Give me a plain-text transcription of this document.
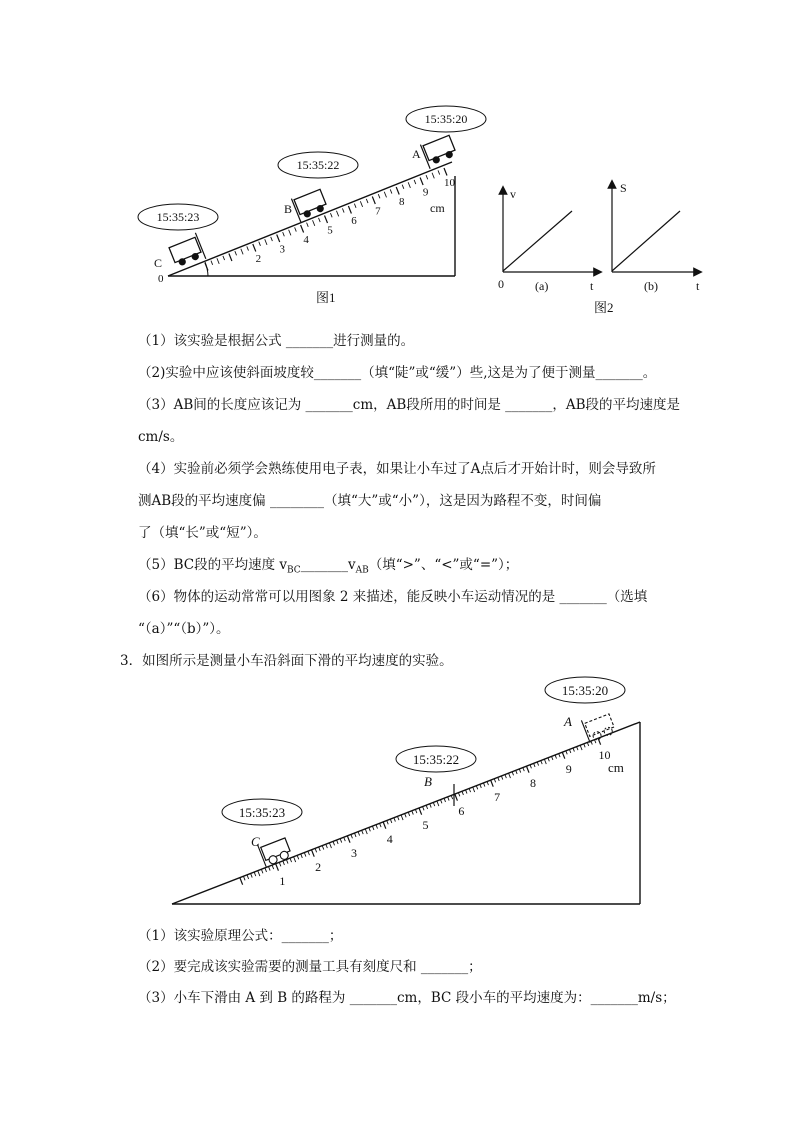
2
3
4
5
6
7
8
9
10
15:35:23
15:35:22
15:35:20
C
B
A
0
cm
图1
v
t
0	(a)
S
t
(b)
图2
（1）该实验是根据公式 _______进行测量的。
（2)实验中应该使斜面坡度较_______（填“陡”或“缓”）些,这是为了便于测量_______。
（3）AB间的长度应该记为 _______cm，AB段所用的时间是 _______，AB段的平均速度是
cm/s。
（4）实验前必须学会熟练使用电子表，如果让小车过了A点后才开始计时，则会导致所
测AB段的平均速度偏 ________（填“大”或“小”），这是因为路程不变，时间偏
了（填“长”或“短”）。
（5）BC段的平均速度 $v_{BC}\_\_\_\_\_\_\_v_{AB}$（填“>”、“<”或“=”）；
（6）物体的运动常常可以用图象 2 来描述，能反映小车运动情况的是 _______（选填
“（a）”“（b）”）。
3．如图所示是测量小车沿斜面下滑的平均速度的实验。
1
2
3
4
5
6
7
8
9
10
15:35:23
15:35:22
15:35:20
C
B
A
cm
（1）该实验原理公式：_______；
（2）要完成该实验需要的测量工具有刻度尺和 _______；
（3）小车下滑由 A 到 B 的路程为 _______cm，BC 段小车的平均速度为：_______m/s；
